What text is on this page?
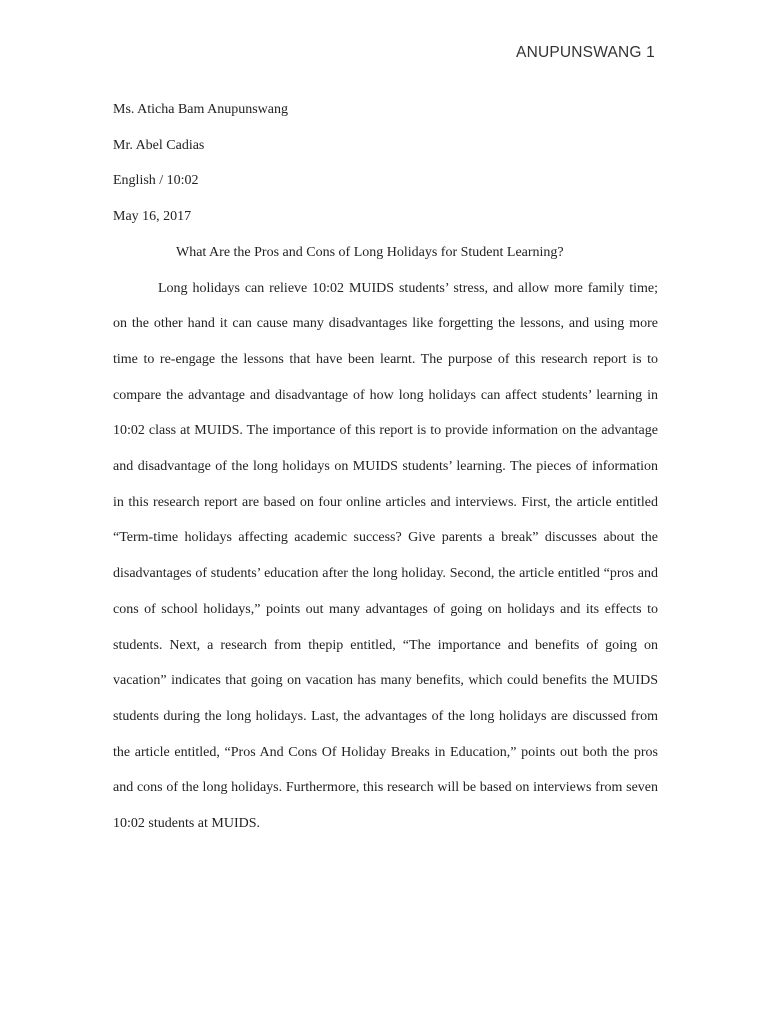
ANUPUNSWANG 1

Ms. Aticha Bam Anupunswang

Mr. Abel Cadias

English / 10:02

May 16, 2017

What Are the Pros and Cons of Long Holidays for Student Learning?

Long holidays can relieve 10:02 MUIDS students’ stress, and allow more family time; on the other hand it can cause many disadvantages like forgetting the lessons, and using more time to re-engage the lessons that have been learnt. The purpose of this research report is to compare the advantage and disadvantage of how long holidays can affect students’ learning in 10:02 class at MUIDS. The importance of this report is to provide information on the advantage and disadvantage of the long holidays on MUIDS students’ learning. The pieces of information in this research report are based on four online articles and interviews. First, the article entitled “Term-time holidays affecting academic success? Give parents a break” discusses about the disadvantages of students’ education after the long holiday. Second, the article entitled “pros and cons of school holidays,” points out many advantages of going on holidays and its effects to students. Next, a research from thepip entitled, “The importance and benefits of going on vacation” indicates that going on vacation has many benefits, which could benefits the MUIDS students during the long holidays. Last, the advantages of the long holidays are discussed from the article entitled, “Pros And Cons Of Holiday Breaks in Education,” points out both the pros and cons of the long holidays. Furthermore, this research will be based on interviews from seven 10:02 students at MUIDS.
